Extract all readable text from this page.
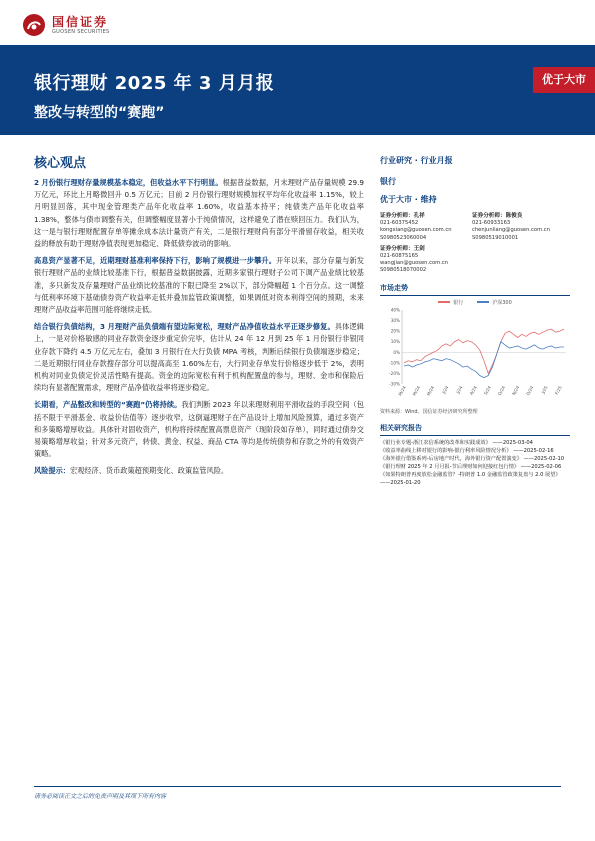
国信证券
GUOSEN SECURITIES
银行理财 2025 年 3 月月报
整改与转型的“赛跑”
优于大市
核心观点

2 月份银行理财存量规模基本稳定，但收益水平下行明显。根据普益数据，月末理财产品存量规模 29.9 万亿元，环比上月略微回升 0.5 万亿元；目前 2 月份银行理财规模加权平均年化收益率 1.15%，较上月明显回落，其中现金管理类产品年化收益率 1.60%，收益基本持平；纯债类产品年化收益率 1.38%，整体与债市调整有关，但调整幅度显著小于纯债情况，这样避免了潜在赎回压力。我们认为，这一是与银行理财配置存单等摊余成本法计量资产有关，二是银行理财尚有部分平滑留存收益，相关收益的释放有助于理财净值表现更加稳定、降低债券波动的影响。

高息资产显著不足，近期理财基准利率保持下行，影响了规模进一步攀升。开年以来，部分存量与新发银行理财产品的业绩比较基准下行，根据普益数据披露，近期多家银行理财子公司下调产品业绩比较基准，多只新发及存量理财产品业绩比较基准的下限已降至 2%以下，部分降幅超 1 个百分点。这一调整与低利率环境下基础债券资产收益率走低并叠加监管政策调整，如果调低对资本利得空间的预期，未来理财产品收益率范围可能将继续走低。

结合银行负债结构，3 月理财产品负债端有望边际宽松，理财产品净值收益水平正逐步修复。具体逻辑上，一是对价格敏感的同业存款资金逐步重定价完毕，估计从 24 年 12 月到 25 年 1 月份银行非银同业存款下降约 4.5 万亿元左右，叠加 3 月银行在大行负债 MPA 考核，判断后续银行负债端逐步稳定；二是近期银行同业存款搜存部分可以提高高至 1.60%左右，大行同业存单发行价格逐步低于 2%，表明机构对同业负债定价灵活性略有提高。资金的边际宽松有利于机构配置盘的参与，理财、金市和保险后续均有显著配置需求，理财产品净值收益率将逐步稳定。

长期看，产品整改和转型的“赛跑”仍将持续。我们判断 2023 年以来理财利用平滑收益的手段空间（包括不限于平滑基金、收益价估值等）逐步收窄，这倒逼理财子在产品设计上增加风险预算，通过多资产和多策略增厚收益。具体针对固收资产，机构将持续配置高票息资产（现阶段如存单），同时通过债券交易策略增厚收益；针对多元资产，转债、黄金、权益、商品 CTA 等均是传统债券和存款之外的有效资产策略。

风险提示：宏观经济、货币政策超预期变化、政策监管风险。

行业研究 · 行业月报
银行
优于大市 · 维持
证券分析师：孔祥
021-60375452
kongxiang@guosen.com.cn
S0980523060004
证券分析师：陈俊良
021-60933163
chenjunliang@guosen.com.cn
S0980519010001
证券分析师：王剑
021-60875165
wangjian@guosen.com.cn
S0980518070002
市场走势
银行	沪深300
40%
30%
20%
10%
0%
-10%
-20%
-30%
M/24 M/24 M/24 J/24 J/24 A/24 S/24 O/24 N/24 D/24 J/25 F/25
资料来源：Wind、国信证券经济研究所整理
相关研究报告
《银行业专题-浙江农信系统的改革和实践成效》 ——2025-03-04
《收益率曲线上移对银行的影响-银行利率风险情况分析》 ——2025-02-16
《海外银行借鉴系列-后房地产时代，海外银行资产配置演变》 ——2025-02-10
《银行理财 2025 年 2 月月报-节后理财如何迎接红包行情》 ——2025-02-06
《如果特朗普再度放松金融监管？-特朗普 1.0 金融监管政策复盘与 2.0 展望》 ——2025-01-20
请务必阅读正文之后的免责声明及其项下所有内容
